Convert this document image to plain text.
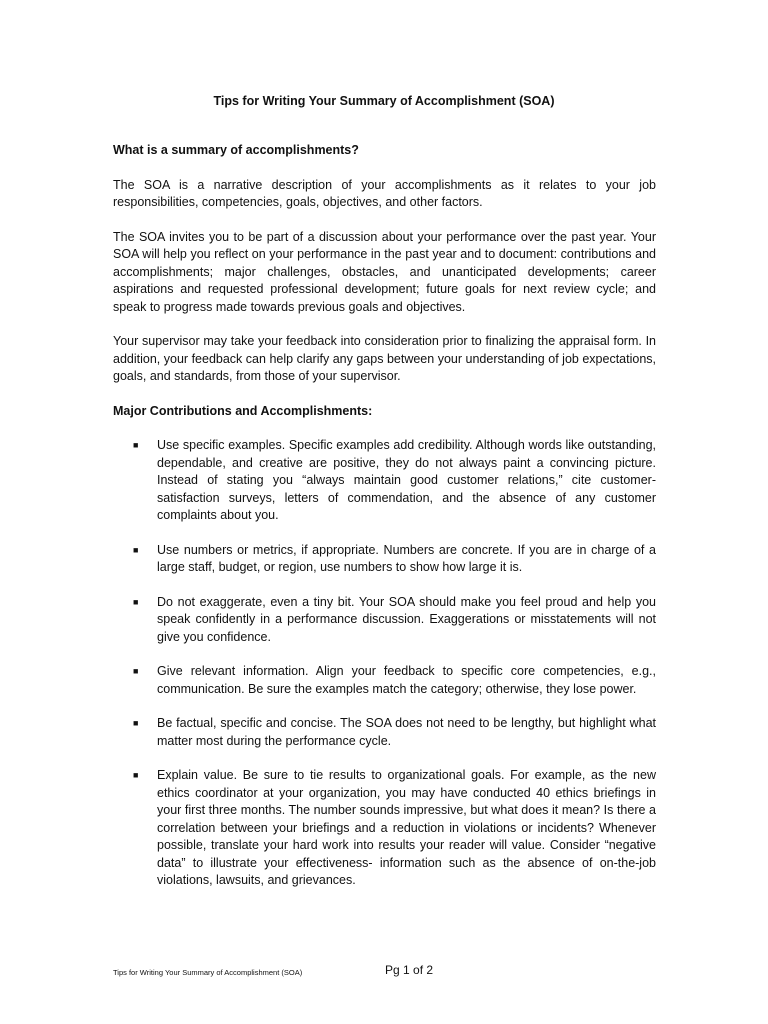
Tips for Writing Your Summary of Accomplishment (SOA)
What is a summary of accomplishments?

The SOA is a narrative description of your accomplishments as it relates to your job responsibilities, competencies, goals, objectives, and other factors.

The SOA invites you to be part of a discussion about your performance over the past year. Your SOA will help you reflect on your performance in the past year and to document: contributions and accomplishments; major challenges, obstacles, and unanticipated developments; career aspirations and requested professional development; future goals for next review cycle; and speak to progress made towards previous goals and objectives.

Your supervisor may take your feedback into consideration prior to finalizing the appraisal form. In addition, your feedback can help clarify any gaps between your understanding of job expectations, goals, and standards, from those of your supervisor.

Major Contributions and Accomplishments:
■ Use specific examples. Specific examples add credibility. Although words like outstanding, dependable, and creative are positive, they do not always paint a convincing picture. Instead of stating you “always maintain good customer relations,” cite customer-satisfaction surveys, letters of commendation, and the absence of any customer complaints about you.
■ Use numbers or metrics, if appropriate. Numbers are concrete. If you are in charge of a large staff, budget, or region, use numbers to show how large it is.
■ Do not exaggerate, even a tiny bit. Your SOA should make you feel proud and help you speak confidently in a performance discussion. Exaggerations or misstatements will not give you confidence.
■ Give relevant information. Align your feedback to specific core competencies, e.g., communication. Be sure the examples match the category; otherwise, they lose power.
■ Be factual, specific and concise. The SOA does not need to be lengthy, but highlight what matter most during the performance cycle.
■ Explain value. Be sure to tie results to organizational goals. For example, as the new ethics coordinator at your organization, you may have conducted 40 ethics briefings in your first three months. The number sounds impressive, but what does it mean? Is there a correlation between your briefings and a reduction in violations or incidents? Whenever possible, translate your hard work into results your reader will value. Consider “negative data” to illustrate your effectiveness- information such as the absence of on-the-job violations, lawsuits, and grievances.
Tips for Writing Your Summary of Accomplishment (SOA)	Pg 1 of 2
